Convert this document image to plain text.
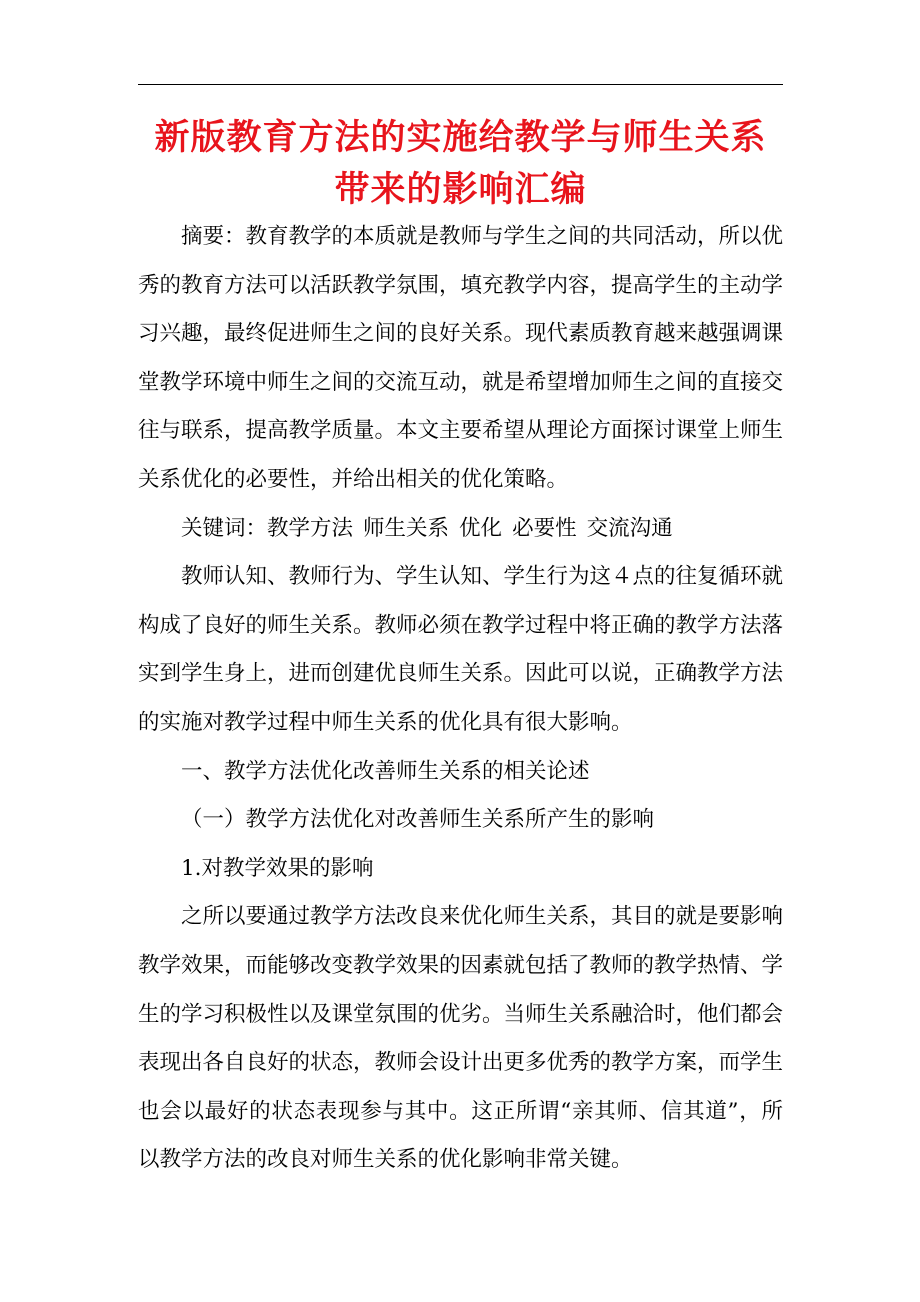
新版教育方法的实施给教学与师生关系带来的影响汇编

摘要：教育教学的本质就是教师与学生之间的共同活动，所以优秀的教育方法可以活跃教学氛围，填充教学内容，提高学生的主动学习兴趣，最终促进师生之间的良好关系。现代素质教育越来越强调课堂教学环境中师生之间的交流互动，就是希望增加师生之间的直接交往与联系，提高教学质量。本文主要希望从理论方面探讨课堂上师生关系优化的必要性，并给出相关的优化策略。

关键词：教学方法 师生关系 优化 必要性 交流沟通

教师认知、教师行为、学生认知、学生行为这４点的往复循环就构成了良好的师生关系。教师必须在教学过程中将正确的教学方法落实到学生身上，进而创建优良师生关系。因此可以说，正确教学方法的实施对教学过程中师生关系的优化具有很大影响。

一、教学方法优化改善师生关系的相关论述

（一）教学方法优化对改善师生关系所产生的影响

1.对教学效果的影响

之所以要通过教学方法改良来优化师生关系，其目的就是要影响教学效果，而能够改变教学效果的因素就包括了教师的教学热情、学生的学习积极性以及课堂氛围的优劣。当师生关系融洽时，他们都会表现出各自良好的状态，教师会设计出更多优秀的教学方案，而学生也会以最好的状态表现参与其中。这正所谓“亲其师、信其道”，所以教学方法的改良对师生关系的优化影响非常关键。
